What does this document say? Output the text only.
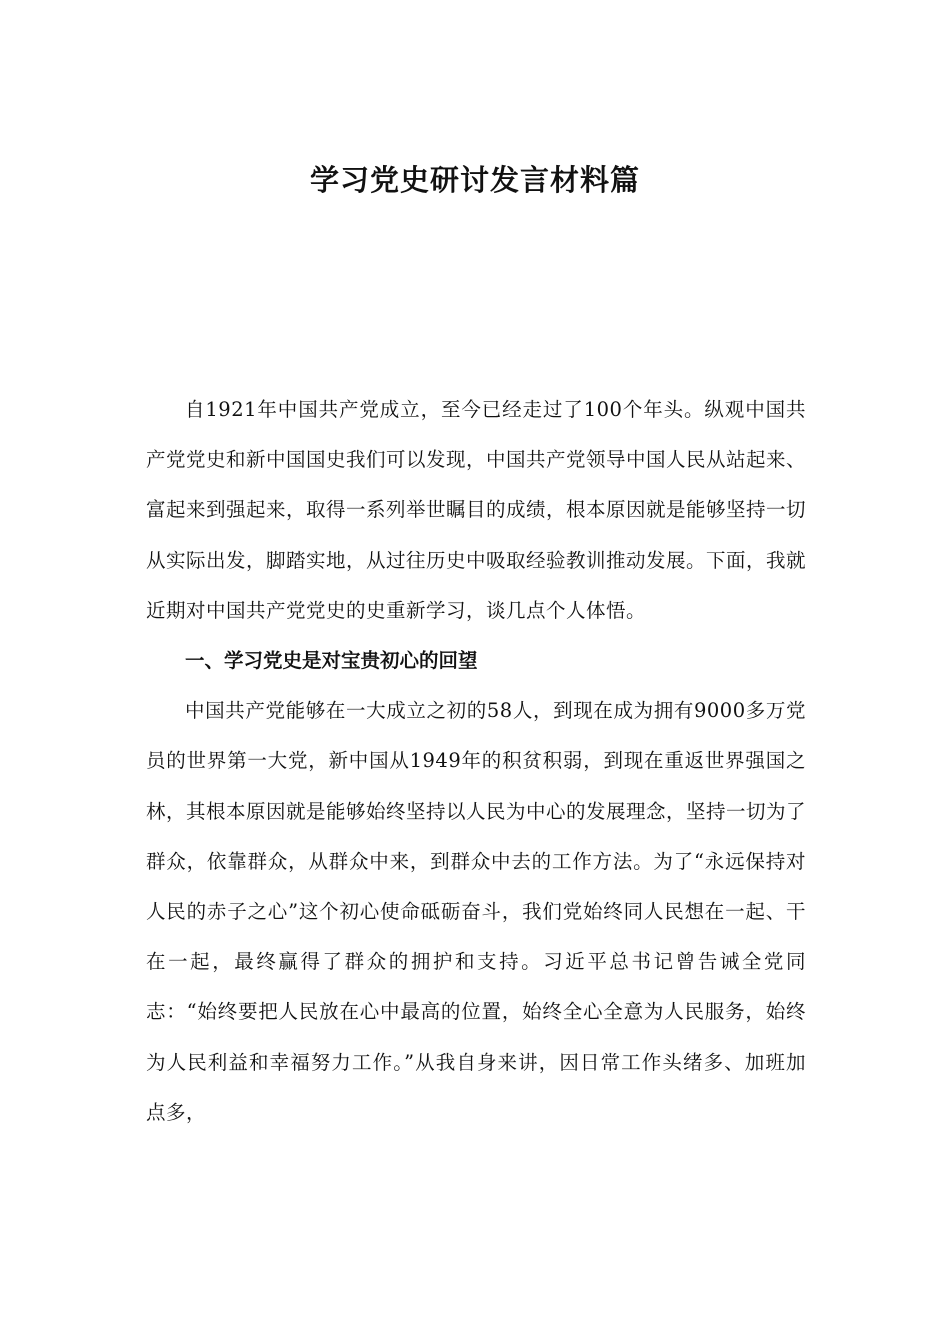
学习党史研讨发言材料篇

自1921年中国共产党成立，至今已经走过了100个年头。纵观中国共产党党史和新中国国史我们可以发现，中国共产党领导中国人民从站起来、富起来到强起来，取得一系列举世瞩目的成绩，根本原因就是能够坚持一切从实际出发，脚踏实地，从过往历史中吸取经验教训推动发展。下面，我就近期对中国共产党党史的史重新学习，谈几点个人体悟。

一、学习党史是对宝贵初心的回望

中国共产党能够在一大成立之初的58人，到现在成为拥有9000多万党员的世界第一大党，新中国从1949年的积贫积弱，到现在重返世界强国之林，其根本原因就是能够始终坚持以人民为中心的发展理念，坚持一切为了群众，依靠群众，从群众中来，到群众中去的工作方法。为了“永远保持对人民的赤子之心”这个初心使命砥砺奋斗，我们党始终同人民想在一起、干在一起，最终赢得了群众的拥护和支持。习近平总书记曾告诫全党同志：“始终要把人民放在心中最高的位置，始终全心全意为人民服务，始终为人民利益和幸福努力工作。”从我自身来讲，因日常工作头绪多、加班加点多，
